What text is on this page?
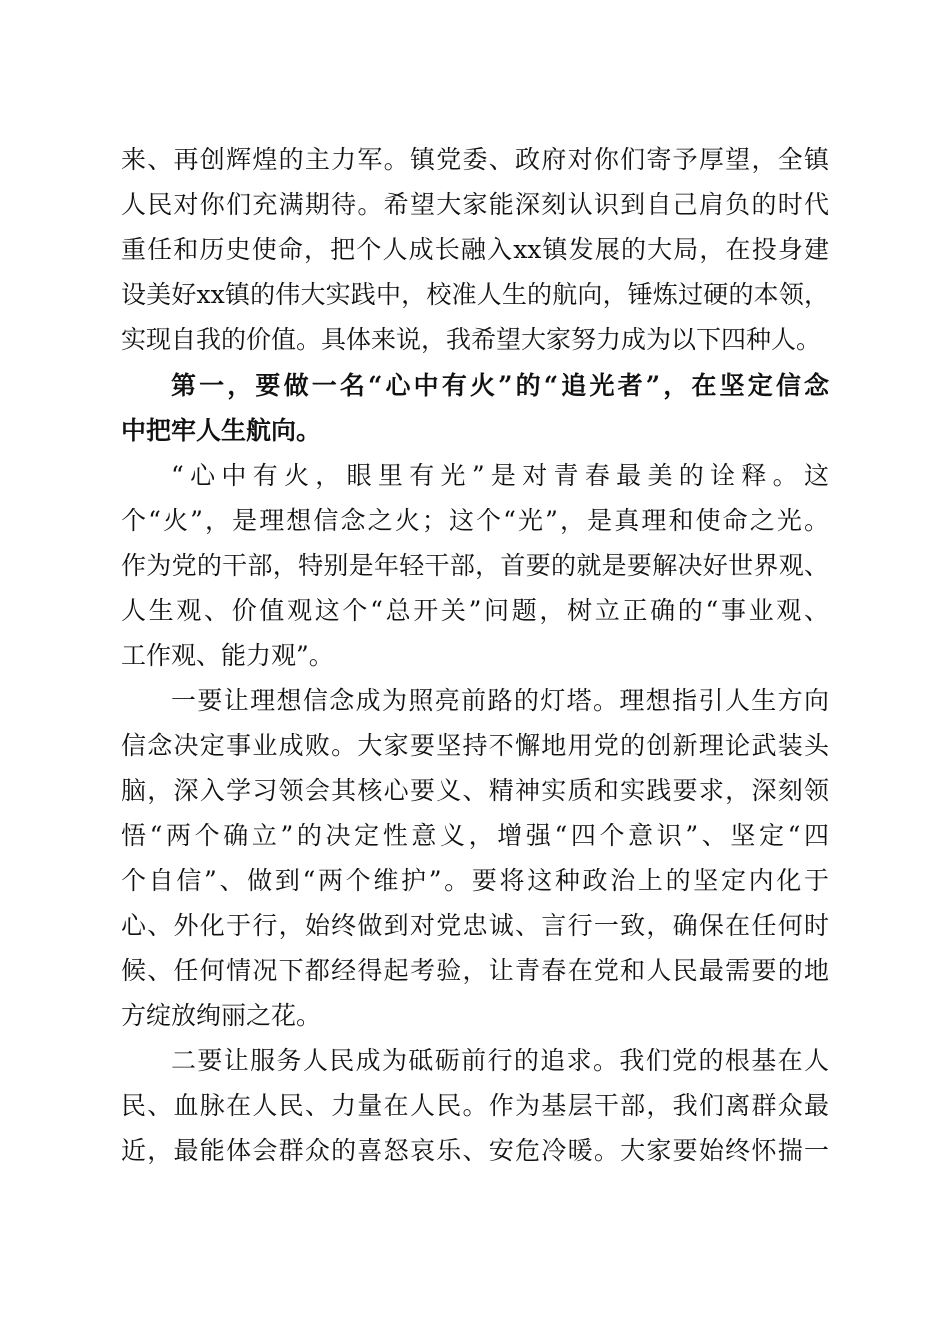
来、再创辉煌的主力军。镇党委、政府对你们寄予厚望，全镇
人民对你们充满期待。希望大家能深刻认识到自己肩负的时代
重任和历史使命，把个人成长融入xx镇发展的大局，在投身建
设美好xx镇的伟大实践中，校准人生的航向，锤炼过硬的本领，
实现自我的价值。具体来说，我希望大家努力成为以下四种人。
第一，要做一名“心中有火”的“追光者”，在坚定信念
中把牢人生航向。
“心中有火，眼里有光”是对青春最美的诠释。这
个“火”，是理想信念之火；这个“光”，是真理和使命之光。
作为党的干部，特别是年轻干部，首要的就是要解决好世界观、
人生观、价值观这个“总开关”问题，树立正确的“事业观、
工作观、能力观”。
一要让理想信念成为照亮前路的灯塔。理想指引人生方向
信念决定事业成败。大家要坚持不懈地用党的创新理论武装头
脑，深入学习领会其核心要义、精神实质和实践要求，深刻领
悟“两个确立”的决定性意义，增强“四个意识”、坚定“四
个自信”、做到“两个维护”。要将这种政治上的坚定内化于
心、外化于行，始终做到对党忠诚、言行一致，确保在任何时
候、任何情况下都经得起考验，让青春在党和人民最需要的地
方绽放绚丽之花。
二要让服务人民成为砥砺前行的追求。我们党的根基在人
民、血脉在人民、力量在人民。作为基层干部，我们离群众最
近，最能体会群众的喜怒哀乐、安危冷暖。大家要始终怀揣一
